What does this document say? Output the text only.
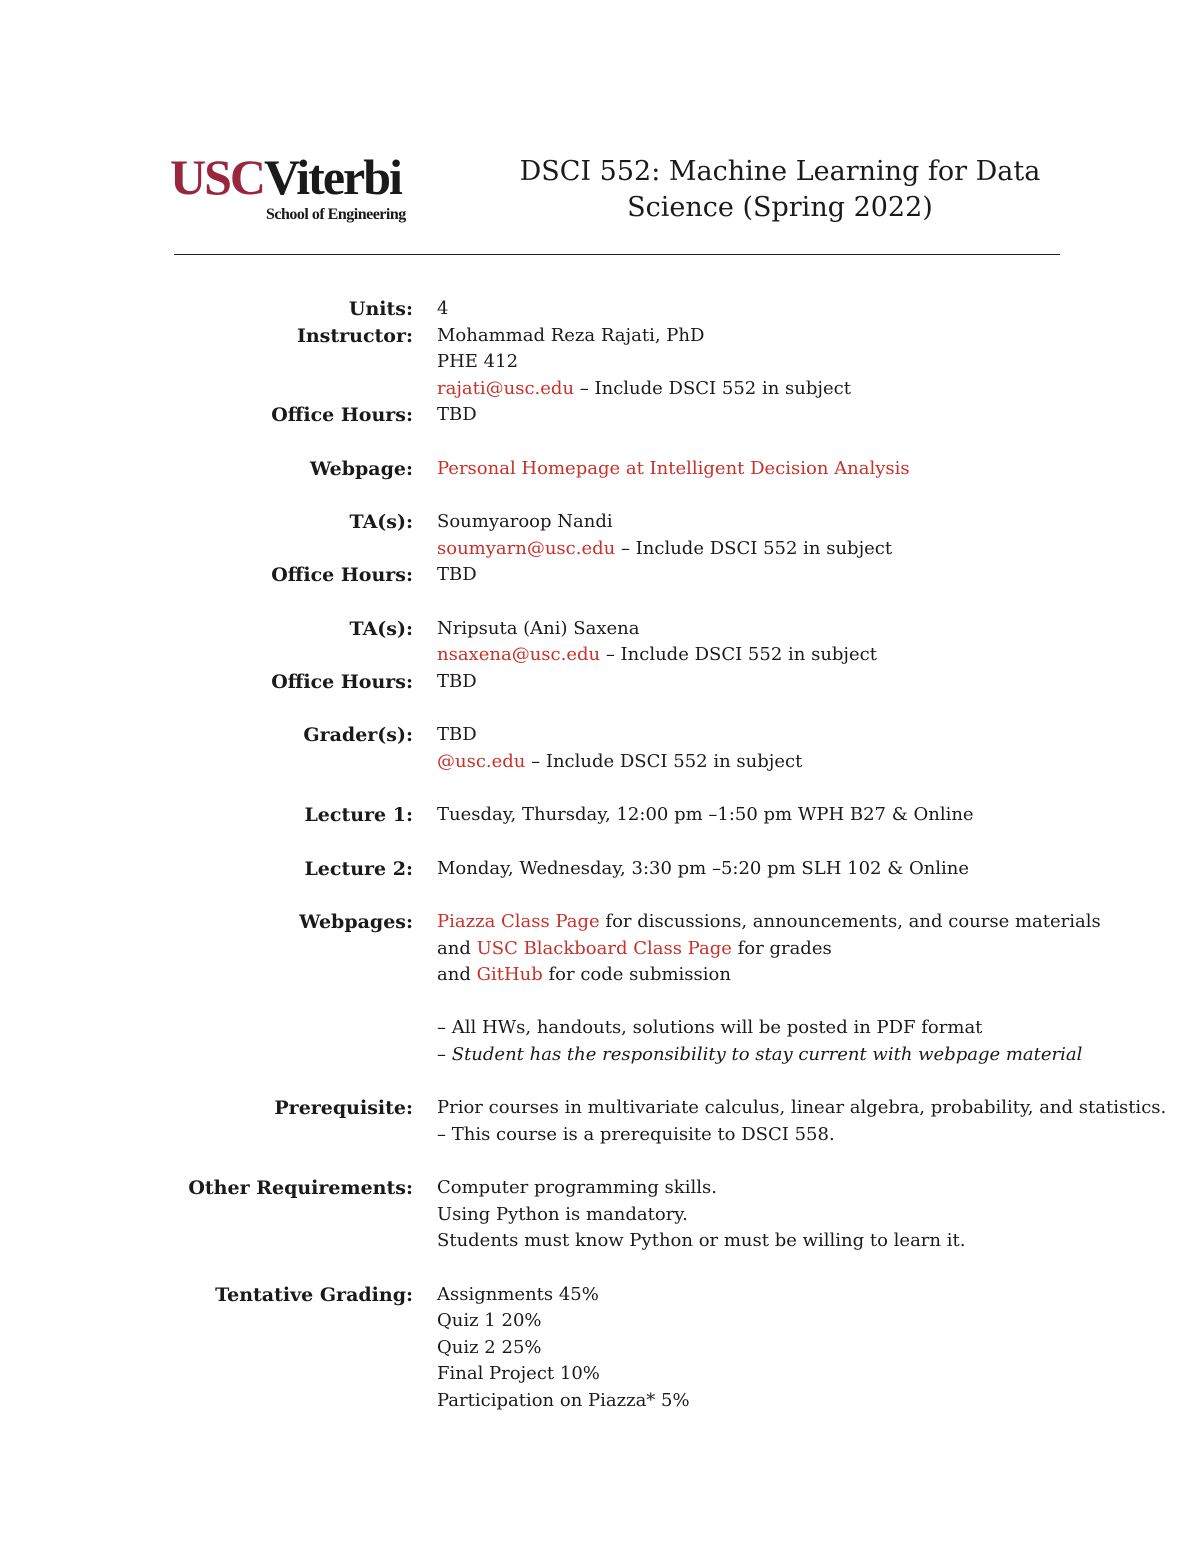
USCViterbi
School of Engineering
DSCI 552: Machine Learning for Data
Science (Spring 2022)
Units: 4
Instructor: Mohammad Reza Rajati, PhD
PHE 412
rajati@usc.edu – Include DSCI 552 in subject
Office Hours: TBD
Webpage: Personal Homepage at Intelligent Decision Analysis
TA(s): Soumyaroop Nandi
soumyarn@usc.edu – Include DSCI 552 in subject
Office Hours: TBD
TA(s): Nripsuta (Ani) Saxena
nsaxena@usc.edu – Include DSCI 552 in subject
Office Hours: TBD
Grader(s): TBD
@usc.edu – Include DSCI 552 in subject
Lecture 1: Tuesday, Thursday, 12:00 pm –1:50 pm WPH B27 & Online
Lecture 2: Monday, Wednesday, 3:30 pm –5:20 pm SLH 102 & Online
Webpages: Piazza Class Page for discussions, announcements, and course materials
and USC Blackboard Class Page for grades
and GitHub for code submission

– All HWs, handouts, solutions will be posted in PDF format
– Student has the responsibility to stay current with webpage material
Prerequisite: Prior courses in multivariate calculus, linear algebra, probability, and statistics.
– This course is a prerequisite to DSCI 558.
Other Requirements: Computer programming skills.
Using Python is mandatory.
Students must know Python or must be willing to learn it.
Tentative Grading: Assignments 45%
Quiz 1 20%
Quiz 2 25%
Final Project 10%
Participation on Piazza* 5%
